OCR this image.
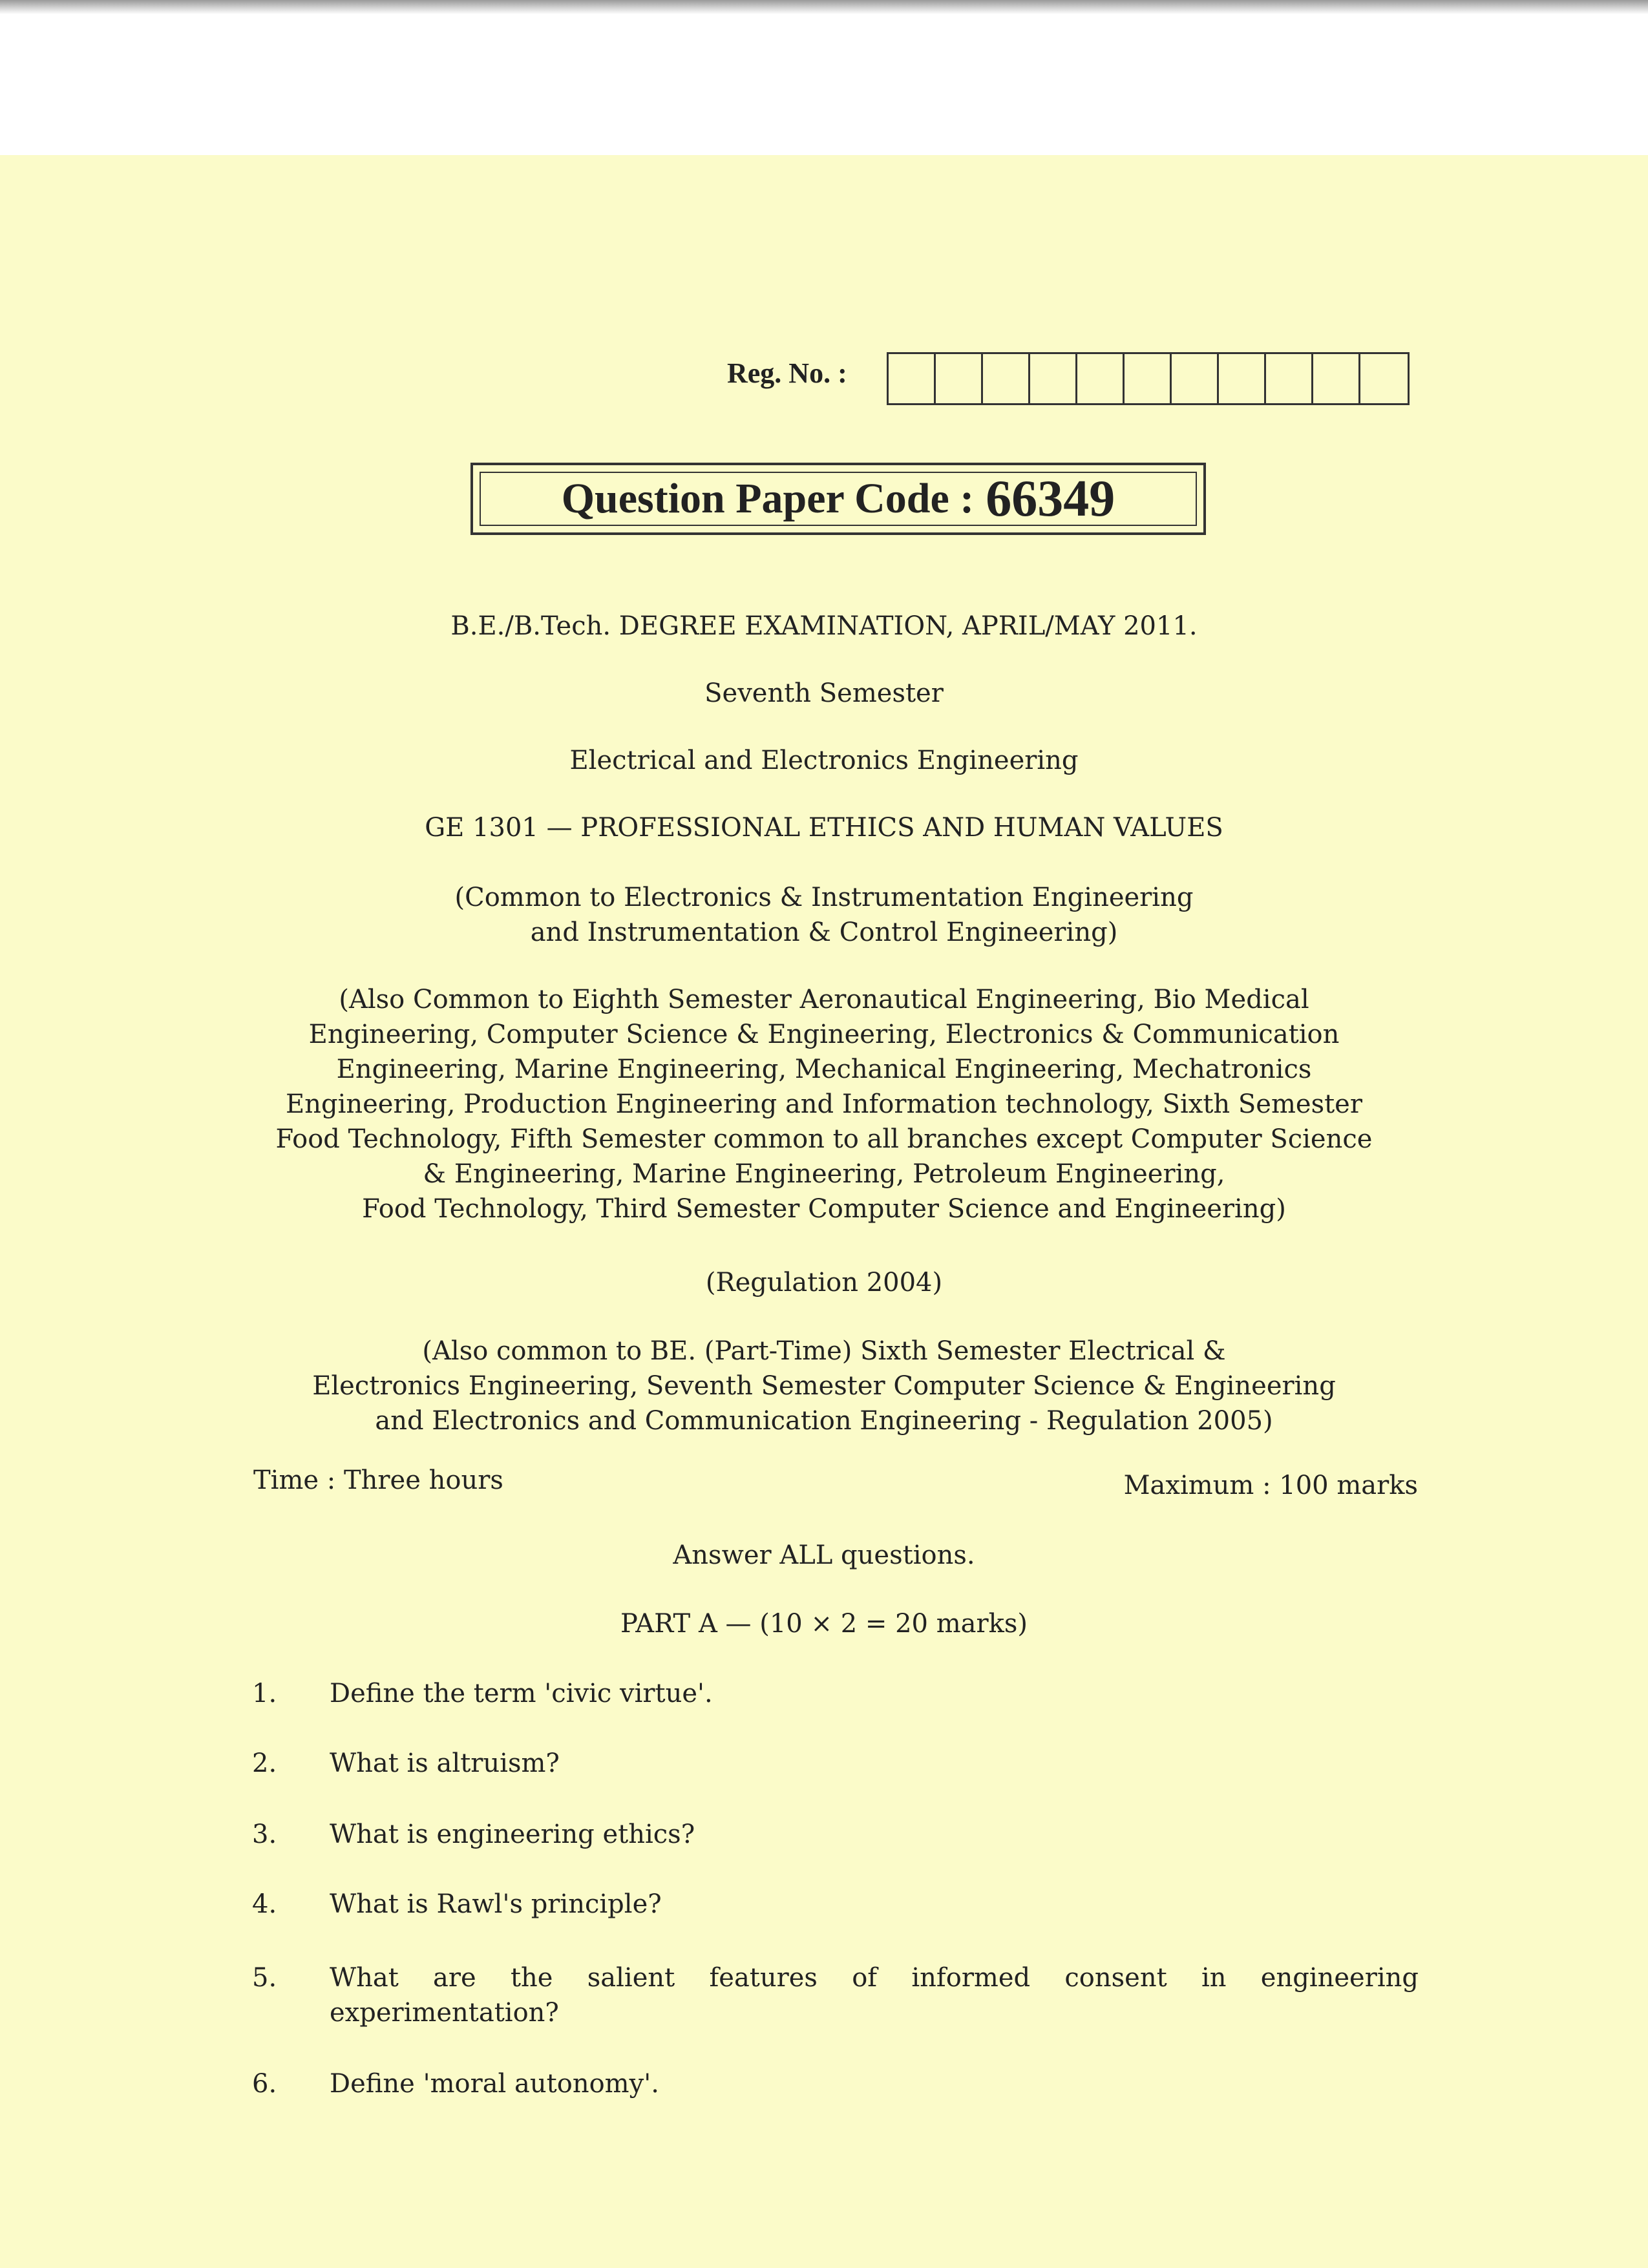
Reg. No. :
Question Paper Code : 66349
B.E./B.Tech. DEGREE EXAMINATION, APRIL/MAY 2011.
Seventh Semester
Electrical and Electronics Engineering
GE 1301 — PROFESSIONAL ETHICS AND HUMAN VALUES
(Common to Electronics & Instrumentation Engineering
and Instrumentation & Control Engineering)
(Also Common to Eighth Semester Aeronautical Engineering, Bio Medical
Engineering, Computer Science & Engineering, Electronics & Communication
Engineering, Marine Engineering, Mechanical Engineering, Mechatronics
Engineering, Production Engineering and Information technology, Sixth Semester
Food Technology, Fifth Semester common to all branches except Computer Science
& Engineering, Marine Engineering, Petroleum Engineering,
Food Technology, Third Semester Computer Science and Engineering)
(Regulation 2004)
(Also common to BE. (Part-Time) Sixth Semester Electrical &
Electronics Engineering, Seventh Semester Computer Science & Engineering
and Electronics and Communication Engineering - Regulation 2005)
Time : Three hours	Maximum : 100 marks
Answer ALL questions.
PART A — (10 × 2 = 20 marks)
1. Define the term 'civic virtue'.
2. What is altruism?
3. What is engineering ethics?
4. What is Rawl's principle?
5. What are the salient features of informed consent in engineering experimentation?
6. Define 'moral autonomy'.
